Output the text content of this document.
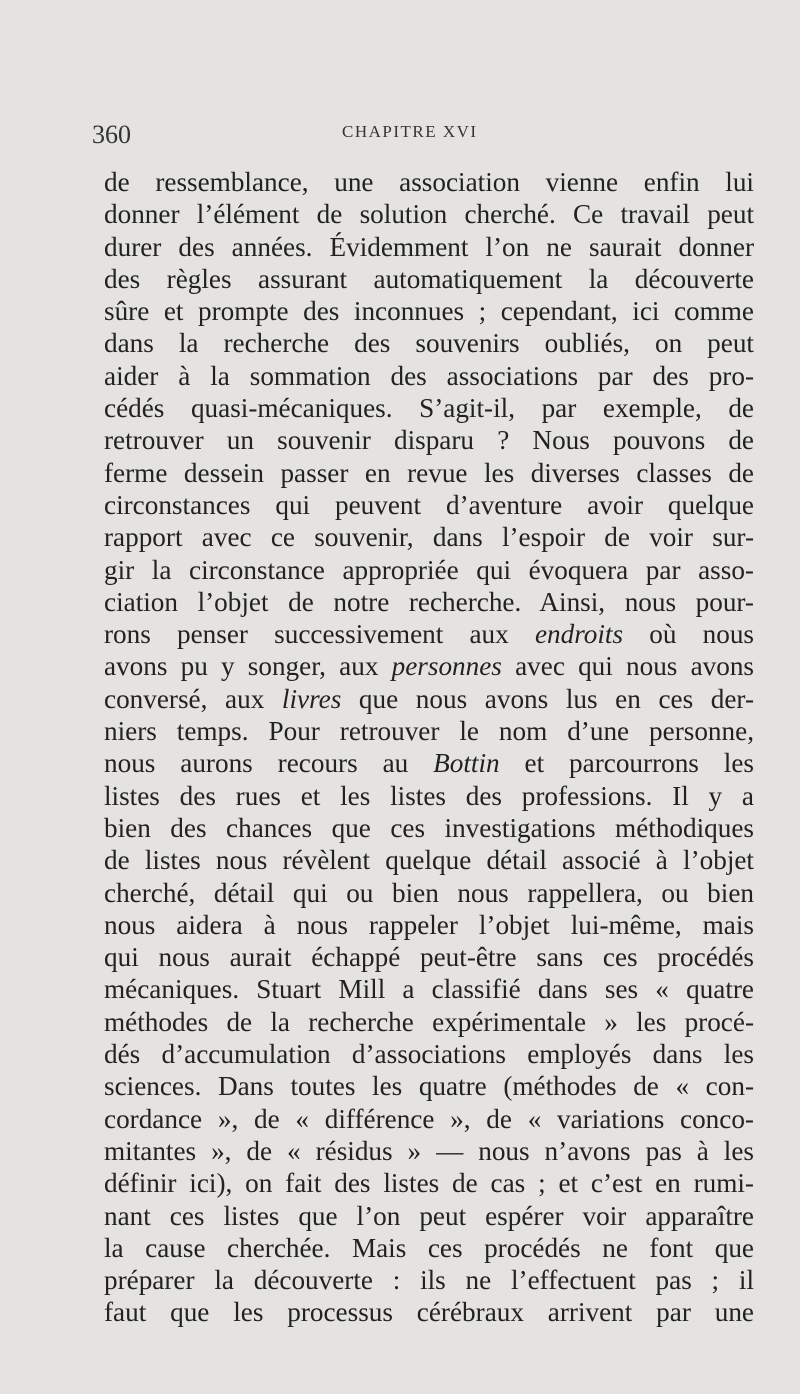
360	CHAPITRE XVI
de ressemblance, une association vienne enfin lui
donner l’élément de solution cherché. Ce travail peut
durer des années. Évidemment l’on ne saurait donner
des règles assurant automatiquement la découverte
sûre et prompte des inconnues ; cependant, ici comme
dans la recherche des souvenirs oubliés, on peut
aider à la sommation des associations par des pro-
cédés quasi-mécaniques. S’agit-il, par exemple, de
retrouver un souvenir disparu ? Nous pouvons de
ferme dessein passer en revue les diverses classes de
circonstances qui peuvent d’aventure avoir quelque
rapport avec ce souvenir, dans l’espoir de voir sur-
gir la circonstance appropriée qui évoquera par asso-
ciation l’objet de notre recherche. Ainsi, nous pour-
rons penser successivement aux endroits où nous
avons pu y songer, aux personnes avec qui nous avons
conversé, aux livres que nous avons lus en ces der-
niers temps. Pour retrouver le nom d’une personne,
nous aurons recours au Bottin et parcourrons les
listes des rues et les listes des professions. Il y a
bien des chances que ces investigations méthodiques
de listes nous révèlent quelque détail associé à l’objet
cherché, détail qui ou bien nous rappellera, ou bien
nous aidera à nous rappeler l’objet lui-même, mais
qui nous aurait échappé peut-être sans ces procédés
mécaniques. Stuart Mill a classifié dans ses « quatre
méthodes de la recherche expérimentale » les procé-
dés d’accumulation d’associations employés dans les
sciences. Dans toutes les quatre (méthodes de « con-
cordance », de « différence », de « variations conco-
mitantes », de « résidus » — nous n’avons pas à les
définir ici), on fait des listes de cas ; et c’est en rumi-
nant ces listes que l’on peut espérer voir apparaître
la cause cherchée. Mais ces procédés ne font que
préparer la découverte : ils ne l’effectuent pas ; il
faut que les processus cérébraux arrivent par une
